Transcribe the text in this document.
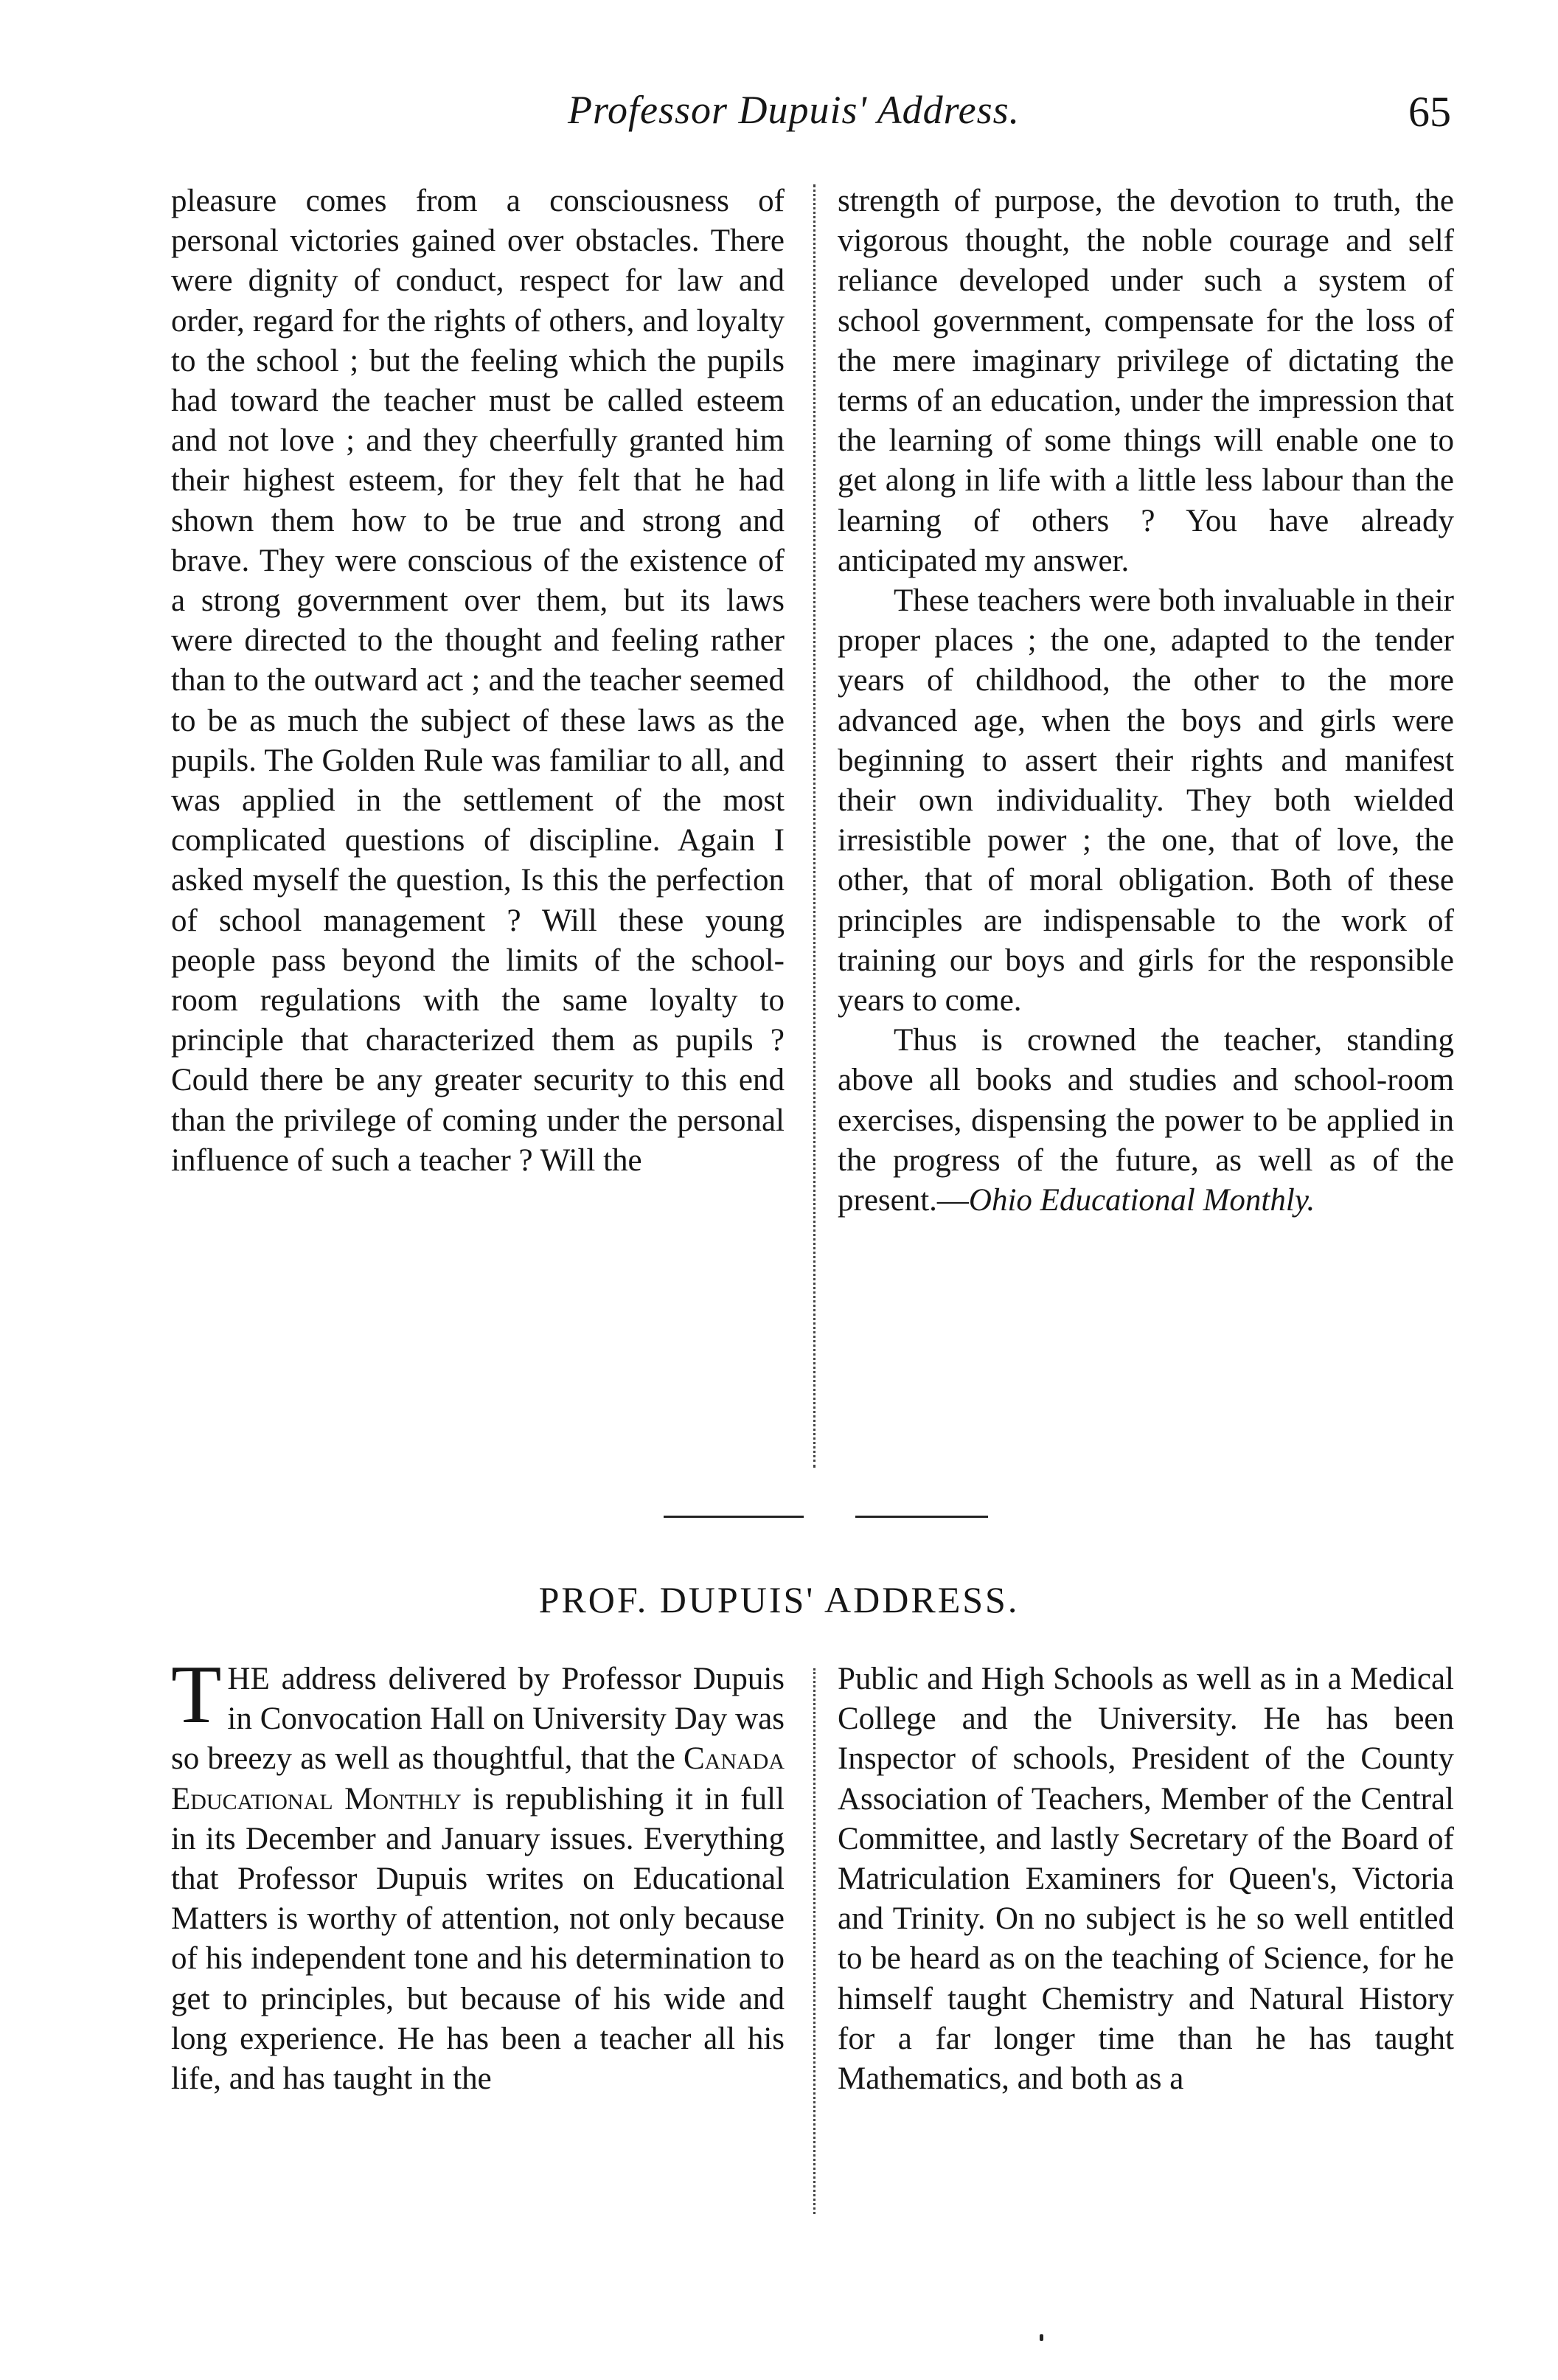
Professor Dupuis' Address.	65

pleasure comes from a consciousness of personal victories gained over obstacles. There were dignity of conduct, respect for law and order, regard for the rights of others, and loyalty to the school ; but the feeling which the pupils had toward the teacher must be called esteem and not love ; and they cheerfully granted him their highest esteem, for they felt that he had shown them how to be true and strong and brave. They were conscious of the existence of a strong government over them, but its laws were directed to the thought and feeling rather than to the outward act ; and the teacher seemed to be as much the subject of these laws as the pupils. The Golden Rule was familiar to all, and was applied in the settlement of the most complicated questions of discipline. Again I asked myself the question, Is this the perfection of school management ? Will these young people pass beyond the limits of the school-room regulations with the same loyalty to principle that characterized them as pupils ? Could there be any greater security to this end than the privilege of coming under the personal influence of such a teacher ? Will the

strength of purpose, the devotion to truth, the vigorous thought, the noble courage and self reliance developed under such a system of school government, compensate for the loss of the mere imaginary privilege of dictating the terms of an education, under the impression that the learning of some things will enable one to get along in life with a little less labour than the learning of others ? You have already anticipated my answer.

These teachers were both invaluable in their proper places ; the one, adapted to the tender years of childhood, the other to the more advanced age, when the boys and girls were beginning to assert their rights and manifest their own individuality. They both wielded irresistible power ; the one, that of love, the other, that of moral obligation. Both of these principles are indispensable to the work of training our boys and girls for the responsible years to come.

Thus is crowned the teacher, standing above all books and studies and school-room exercises, dispensing the power to be applied in the progress of the future, as well as of the present.—Ohio Educational Monthly.

PROF. DUPUIS' ADDRESS.

THE address delivered by Professor Dupuis in Convocation Hall on University Day was so breezy as well as thoughtful, that the Canada Educational Monthly is republishing it in full in its December and January issues. Everything that Professor Dupuis writes on Educational Matters is worthy of attention, not only because of his independent tone and his determination to get to principles, but because of his wide and long experience. He has been a teacher all his life, and has taught in the

Public and High Schools as well as in a Medical College and the University. He has been Inspector of schools, President of the County Association of Teachers, Member of the Central Committee, and lastly Secretary of the Board of Matriculation Examiners for Queen's, Victoria and Trinity. On no subject is he so well entitled to be heard as on the teaching of Science, for he himself taught Chemistry and Natural History for a far longer time than he has taught Mathematics, and both as a
